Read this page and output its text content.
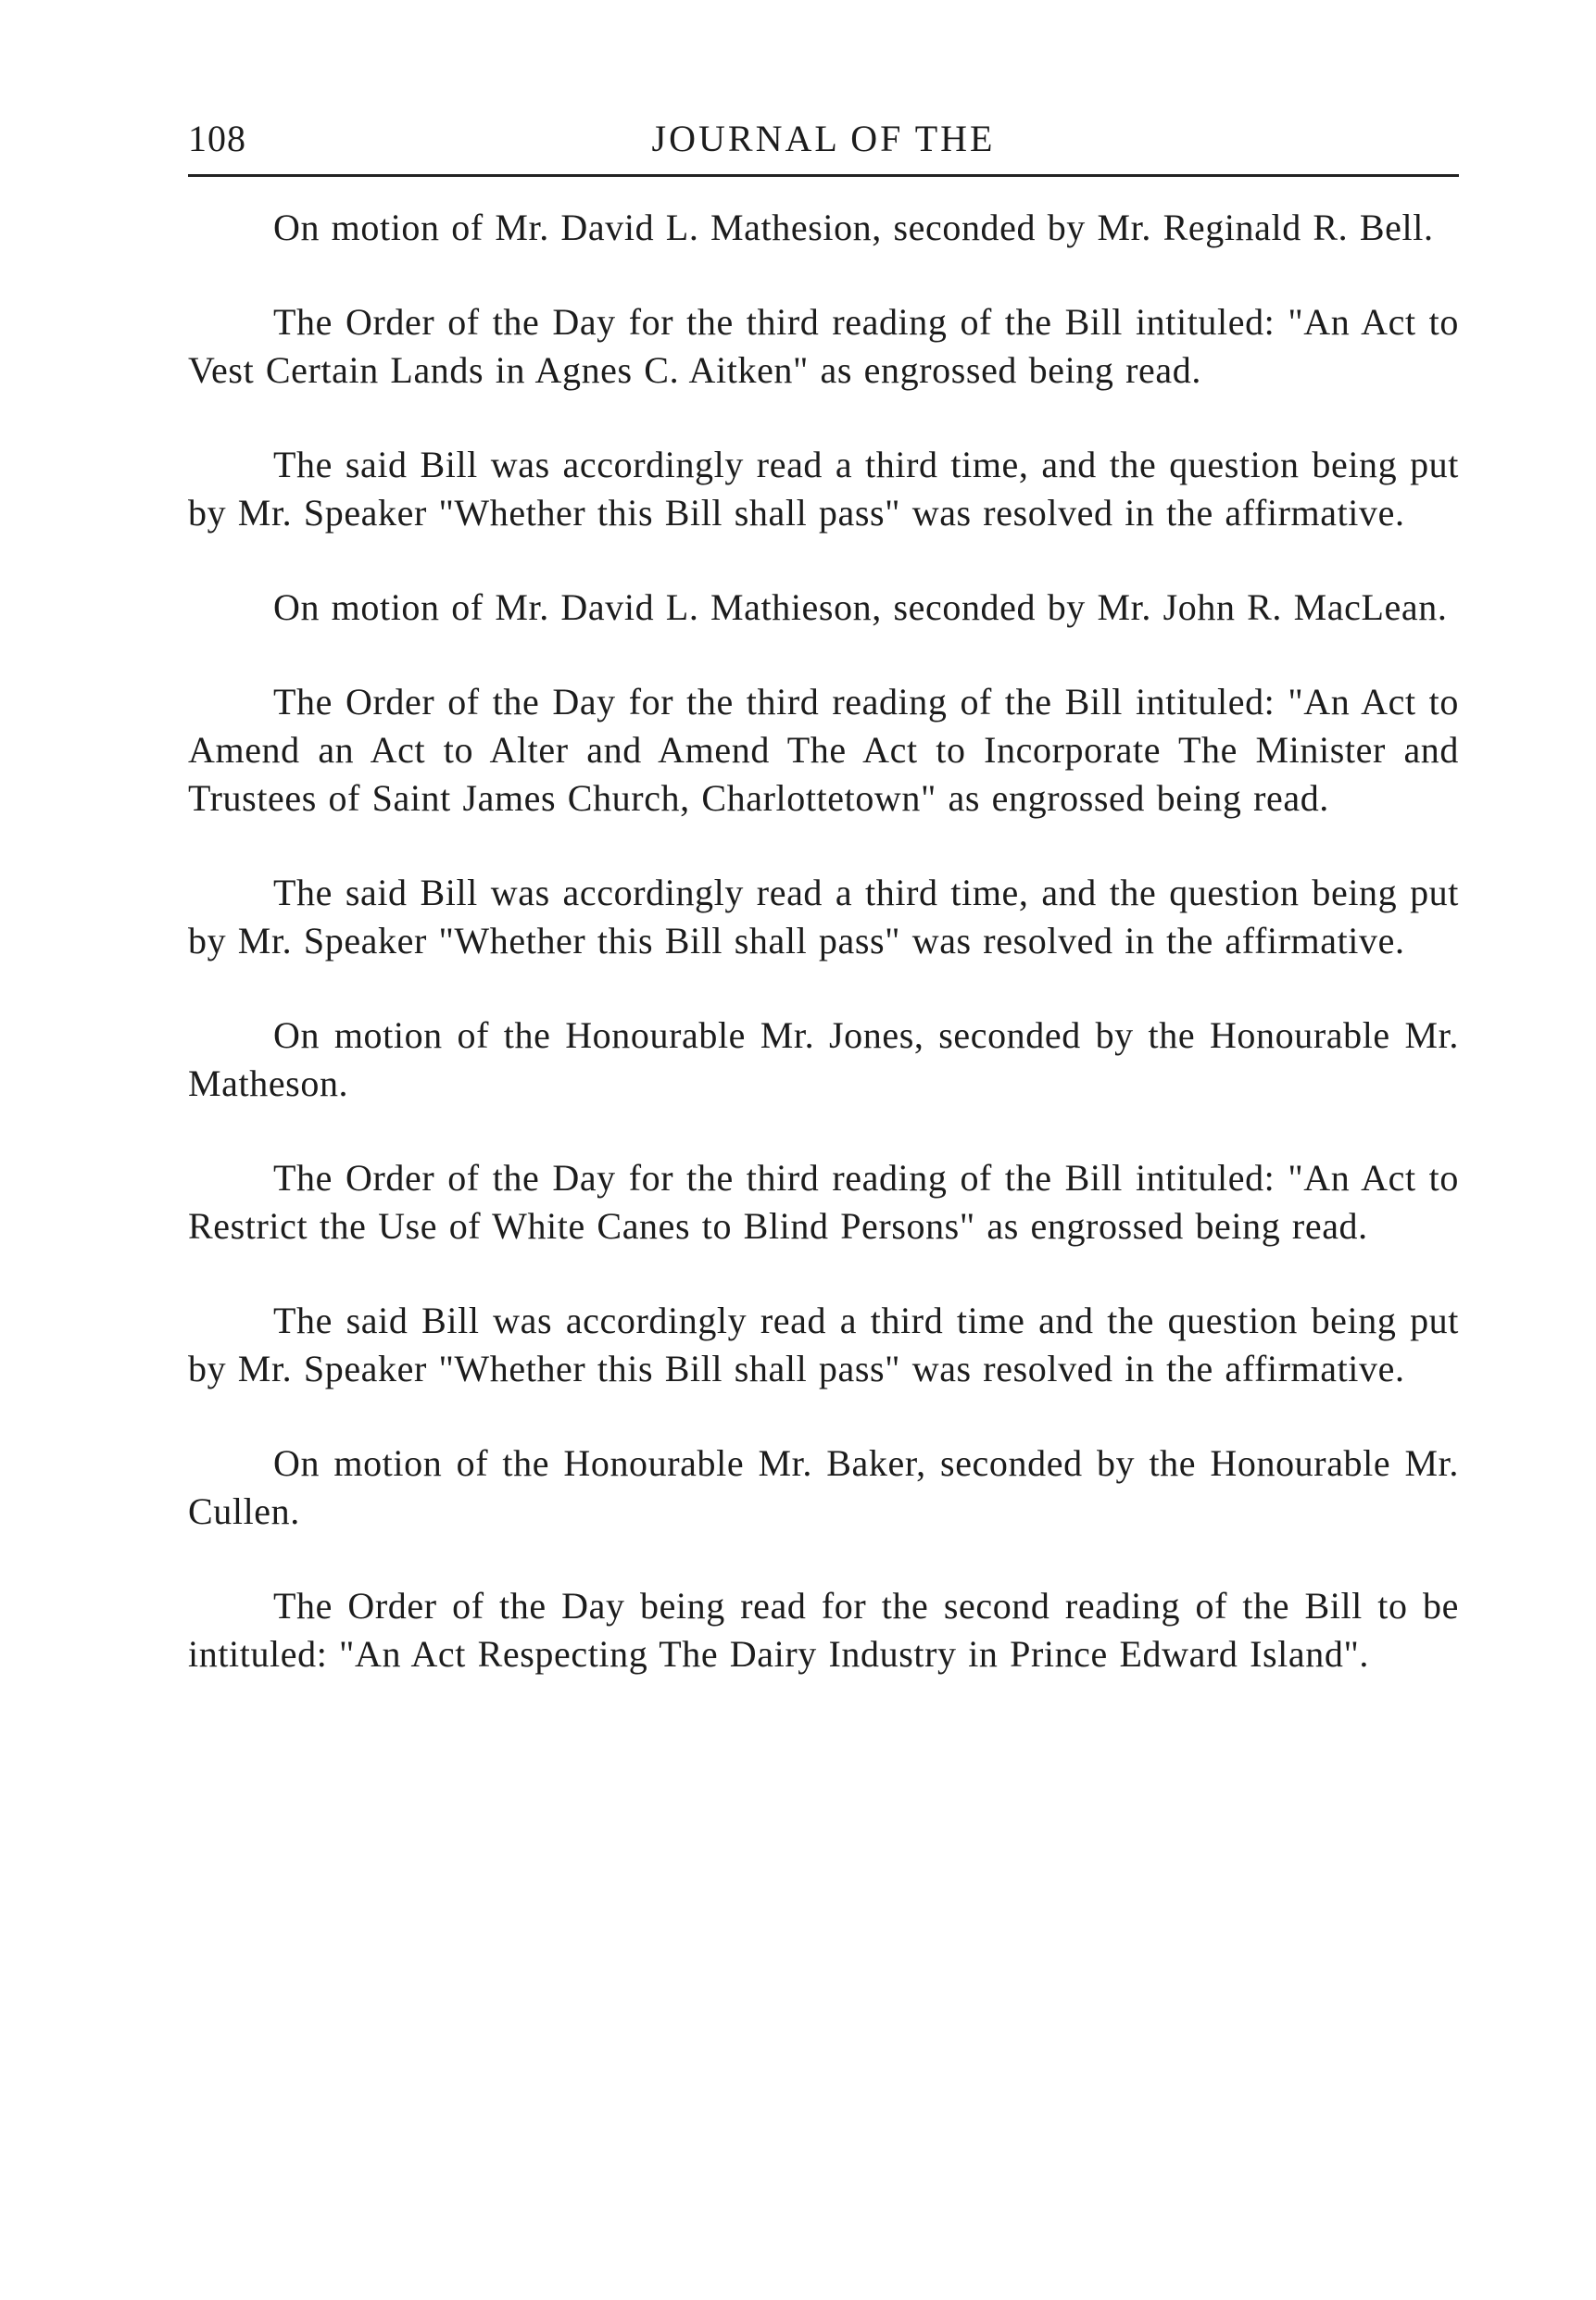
108	JOURNAL OF THE

On motion of Mr. David L. Mathesion, seconded by Mr. Reginald R. Bell.

The Order of the Day for the third reading of the Bill intituled: "An Act to Vest Certain Lands in Agnes C. Aitken" as engrossed being read.

The said Bill was accordingly read a third time, and the question being put by Mr. Speaker "Whether this Bill shall pass" was resolved in the affirmative.

On motion of Mr. David L. Mathieson, seconded by Mr. John R. MacLean.

The Order of the Day for the third reading of the Bill intituled: "An Act to Amend an Act to Alter and Amend The Act to Incorporate The Minister and Trustees of Saint James Church, Charlottetown" as engrossed being read.

The said Bill was accordingly read a third time, and the question being put by Mr. Speaker "Whether this Bill shall pass" was resolved in the affirmative.

On motion of the Honourable Mr. Jones, seconded by the Honourable Mr. Matheson.

The Order of the Day for the third reading of the Bill intituled: "An Act to Restrict the Use of White Canes to Blind Persons" as engrossed being read.

The said Bill was accordingly read a third time and the question being put by Mr. Speaker "Whether this Bill shall pass" was resolved in the affirmative.

On motion of the Honourable Mr. Baker, seconded by the Honourable Mr. Cullen.

The Order of the Day being read for the second reading of the Bill to be intituled: "An Act Respecting The Dairy Industry in Prince Edward Island".
